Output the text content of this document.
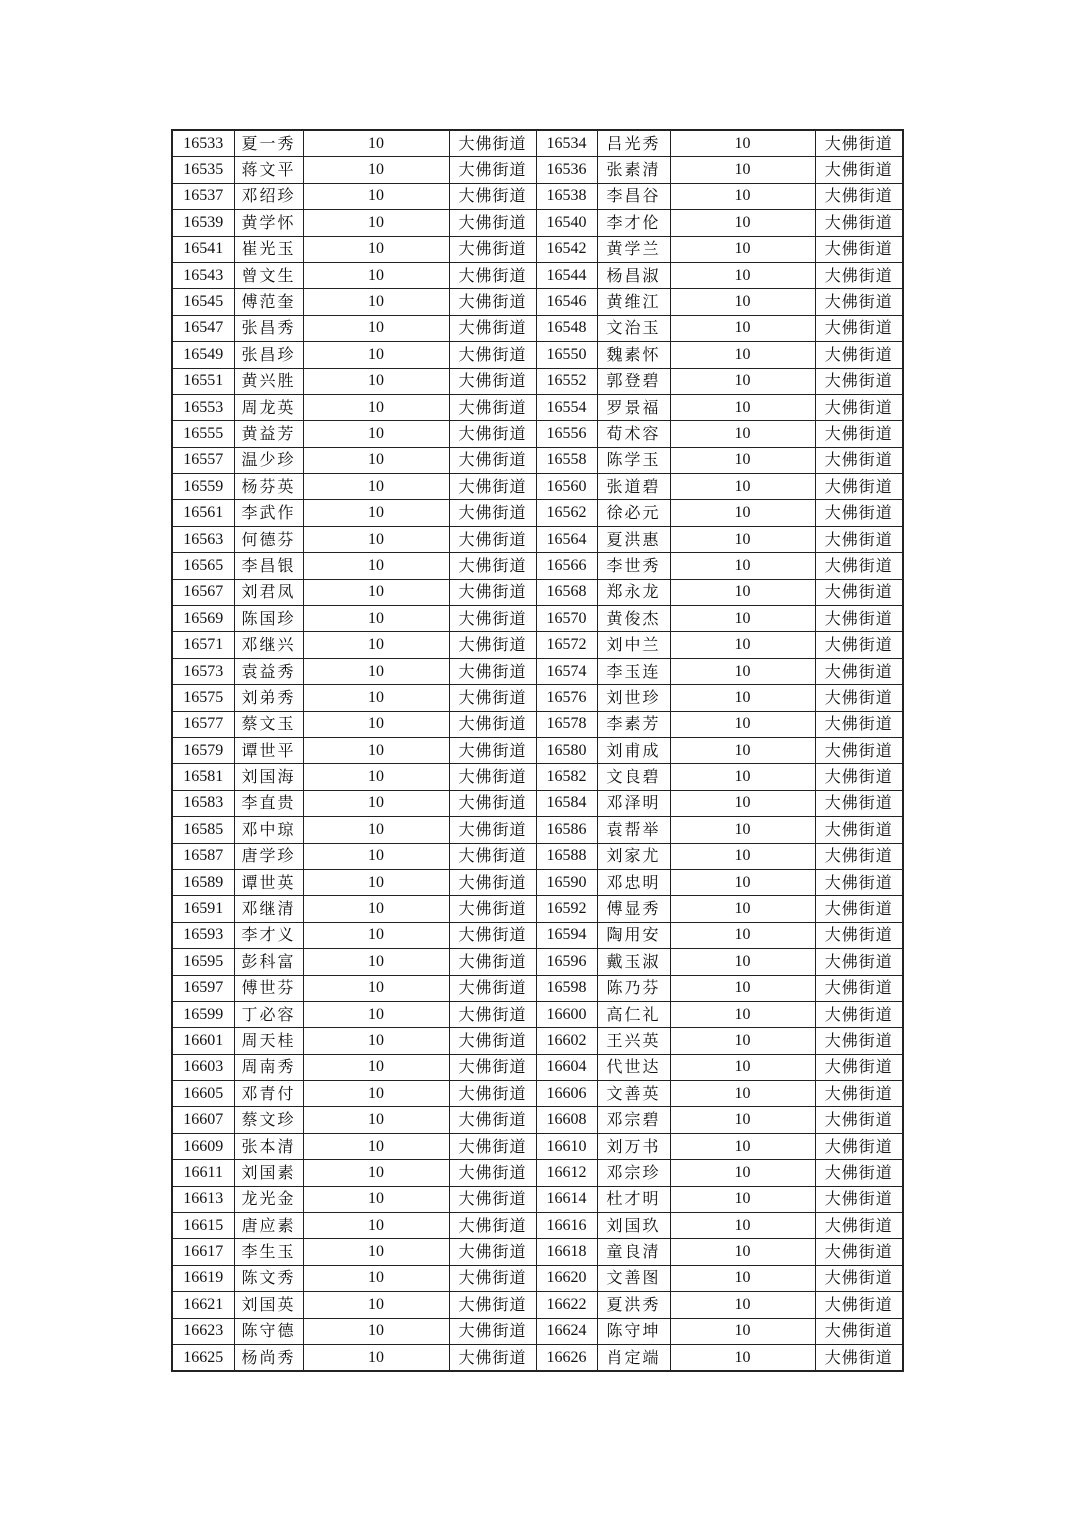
16533	夏一秀	10	大佛街道	16534	吕光秀	10	大佛街道
16535	蒋文平	10	大佛街道	16536	张素清	10	大佛街道
16537	邓绍珍	10	大佛街道	16538	李昌谷	10	大佛街道
16539	黄学怀	10	大佛街道	16540	李才伦	10	大佛街道
16541	崔光玉	10	大佛街道	16542	黄学兰	10	大佛街道
16543	曾文生	10	大佛街道	16544	杨昌淑	10	大佛街道
16545	傅范奎	10	大佛街道	16546	黄维江	10	大佛街道
16547	张昌秀	10	大佛街道	16548	文治玉	10	大佛街道
16549	张昌珍	10	大佛街道	16550	魏素怀	10	大佛街道
16551	黄兴胜	10	大佛街道	16552	郭登碧	10	大佛街道
16553	周龙英	10	大佛街道	16554	罗景福	10	大佛街道
16555	黄益芳	10	大佛街道	16556	荀术容	10	大佛街道
16557	温少珍	10	大佛街道	16558	陈学玉	10	大佛街道
16559	杨芬英	10	大佛街道	16560	张道碧	10	大佛街道
16561	李武作	10	大佛街道	16562	徐必元	10	大佛街道
16563	何德芬	10	大佛街道	16564	夏洪惠	10	大佛街道
16565	李昌银	10	大佛街道	16566	李世秀	10	大佛街道
16567	刘君凤	10	大佛街道	16568	郑永龙	10	大佛街道
16569	陈国珍	10	大佛街道	16570	黄俊杰	10	大佛街道
16571	邓继兴	10	大佛街道	16572	刘中兰	10	大佛街道
16573	袁益秀	10	大佛街道	16574	李玉连	10	大佛街道
16575	刘弟秀	10	大佛街道	16576	刘世珍	10	大佛街道
16577	蔡文玉	10	大佛街道	16578	李素芳	10	大佛街道
16579	谭世平	10	大佛街道	16580	刘甫成	10	大佛街道
16581	刘国海	10	大佛街道	16582	文良碧	10	大佛街道
16583	李直贵	10	大佛街道	16584	邓泽明	10	大佛街道
16585	邓中琼	10	大佛街道	16586	袁帮举	10	大佛街道
16587	唐学珍	10	大佛街道	16588	刘家尤	10	大佛街道
16589	谭世英	10	大佛街道	16590	邓忠明	10	大佛街道
16591	邓继清	10	大佛街道	16592	傅显秀	10	大佛街道
16593	李才义	10	大佛街道	16594	陶用安	10	大佛街道
16595	彭科富	10	大佛街道	16596	戴玉淑	10	大佛街道
16597	傅世芬	10	大佛街道	16598	陈乃芬	10	大佛街道
16599	丁必容	10	大佛街道	16600	高仁礼	10	大佛街道
16601	周天桂	10	大佛街道	16602	王兴英	10	大佛街道
16603	周南秀	10	大佛街道	16604	代世达	10	大佛街道
16605	邓青付	10	大佛街道	16606	文善英	10	大佛街道
16607	蔡文珍	10	大佛街道	16608	邓宗碧	10	大佛街道
16609	张本清	10	大佛街道	16610	刘万书	10	大佛街道
16611	刘国素	10	大佛街道	16612	邓宗珍	10	大佛街道
16613	龙光金	10	大佛街道	16614	杜才明	10	大佛街道
16615	唐应素	10	大佛街道	16616	刘国玖	10	大佛街道
16617	李生玉	10	大佛街道	16618	童良清	10	大佛街道
16619	陈文秀	10	大佛街道	16620	文善图	10	大佛街道
16621	刘国英	10	大佛街道	16622	夏洪秀	10	大佛街道
16623	陈守德	10	大佛街道	16624	陈守坤	10	大佛街道
16625	杨尚秀	10	大佛街道	16626	肖定端	10	大佛街道
